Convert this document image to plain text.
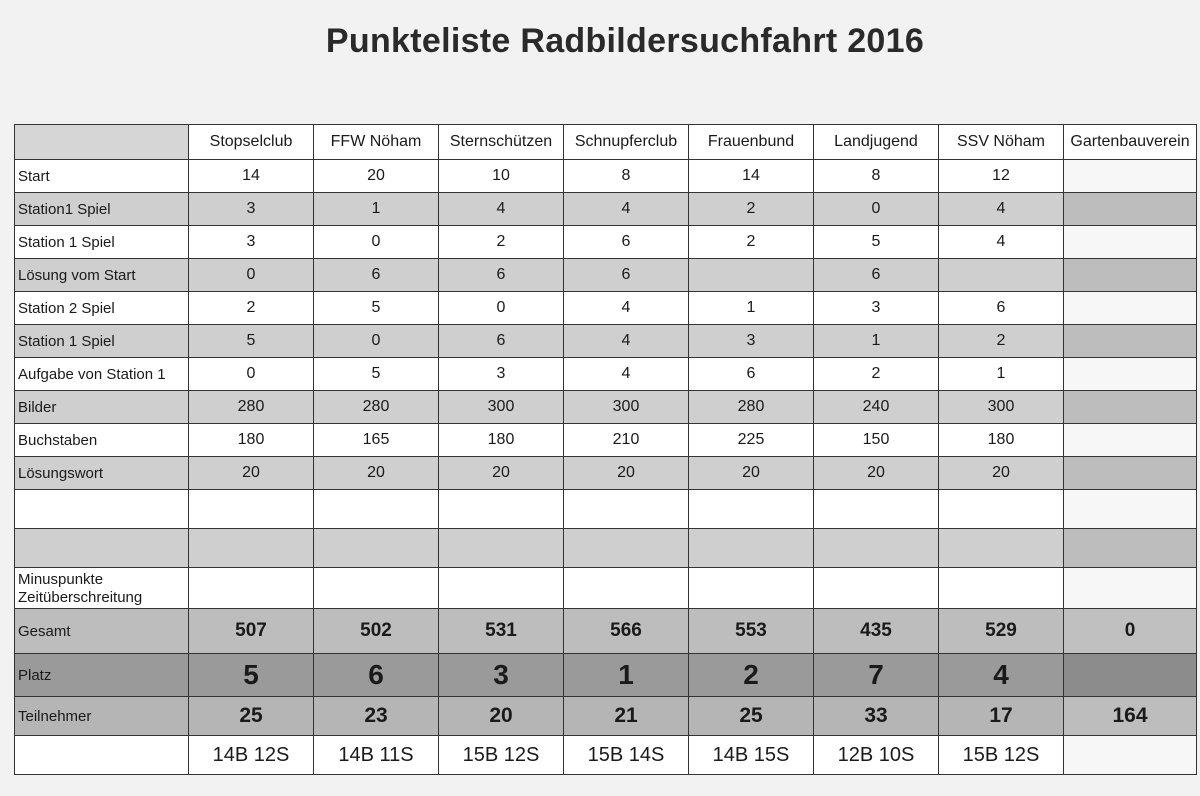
Punkteliste Radbildersuchfahrt 2016
	Stopselclub	FFW Nöham	Sternschützen	Schnupferclub	Frauenbund	Landjugend	SSV Nöham	Gartenbauverein
Start	14	20	10	8	14	8	12	
Station1 Spiel	3	1	4	4	2	0	4	
Station 1 Spiel	3	0	2	6	2	5	4	
Lösung vom Start	0	6	6	6		6		
Station 2 Spiel	2	5	0	4	1	3	6	
Station 1 Spiel	5	0	6	4	3	1	2	
Aufgabe von Station 1	0	5	3	4	6	2	1	
Bilder	280	280	300	300	280	240	300	
Buchstaben	180	165	180	210	225	150	180	
Lösungswort	20	20	20	20	20	20	20	

Minuspunkte Zeitüberschreitung								
Gesamt	507	502	531	566	553	435	529	0
Platz	5	6	3	1	2	7	4	
Teilnehmer	25	23	20	21	25	33	17	164
	14B 12S	14B 11S	15B 12S	15B 14S	14B 15S	12B 10S	15B 12S	
